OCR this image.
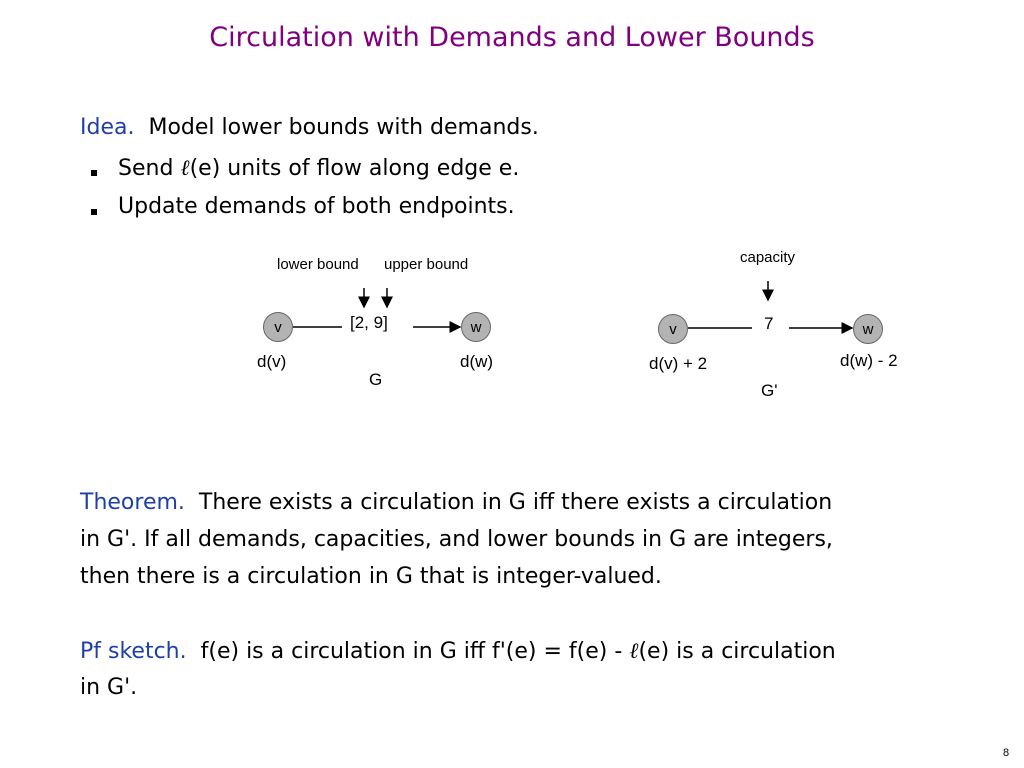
Circulation with Demands and Lower Bounds
Idea. Model lower bounds with demands.
Send ℓ(e) units of flow along edge e.
Update demands of both endpoints.
lower bound upper bound
v	[2, 9]	w
d(v)	d(w)
G
capacity
v	7	w
d(v) + 2	d(w) - 2
G'
Theorem. There exists a circulation in G iff there exists a circulation
in G'. If all demands, capacities, and lower bounds in G are integers,
then there is a circulation in G that is integer-valued.
Pf sketch. f(e) is a circulation in G iff f'(e) = f(e) - ℓ(e) is a circulation
in G'.
8
